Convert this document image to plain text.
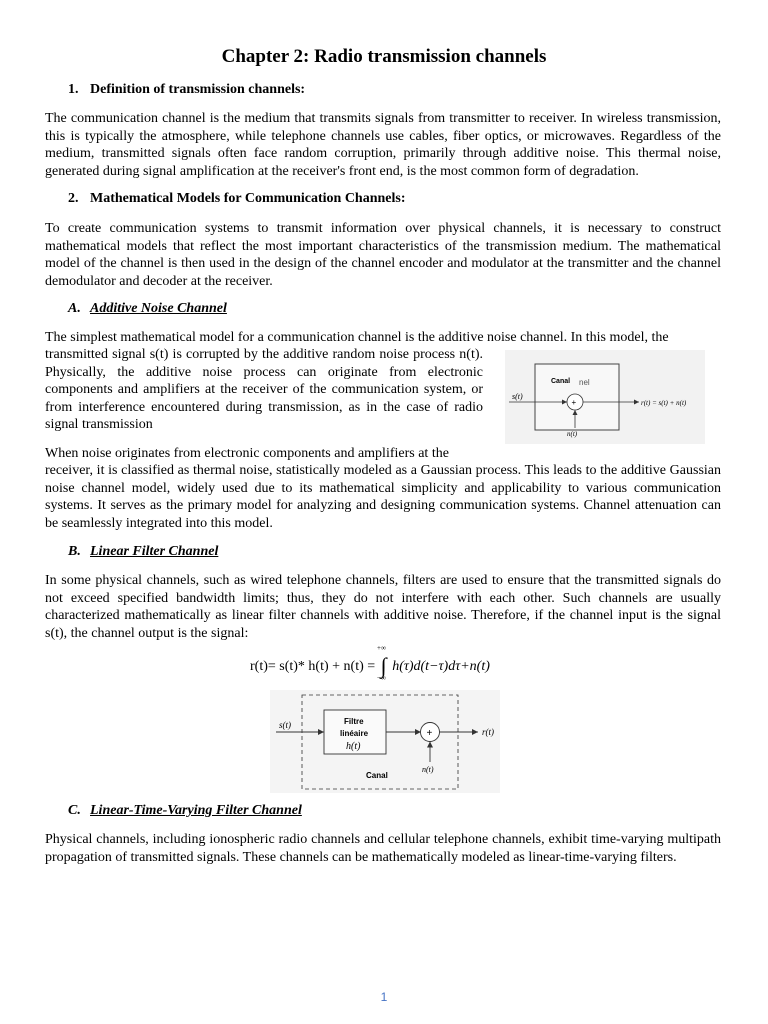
Chapter 2: Radio transmission channels

1. Definition of transmission channels:

The communication channel is the medium that transmits signals from transmitter to receiver. In wireless transmission, this is typically the atmosphere, while telephone channels use cables, fiber optics, or microwaves. Regardless of the medium, transmitted signals often face random corruption, primarily through additive noise. This thermal noise, generated during signal amplification at the receiver's front end, is the most common form of degradation.

2. Mathematical Models for Communication Channels:

To create communication systems to transmit information over physical channels, it is necessary to construct mathematical models that reflect the most important characteristics of the transmission medium. The mathematical model of the channel is then used in the design of the channel encoder and modulator at the transmitter and the channel demodulator and decoder at the receiver.

A. Additive Noise Channel

The simplest mathematical model for a communication channel is the additive noise channel. In this model, the

transmitted signal s(t) is corrupted by the additive random noise process n(t). Physically, the additive noise process can originate from electronic components and amplifiers at the receiver of the communication system, or from interference encountered during transmission, as in the case of radio signal transmission

Canal nel
s(t)
+	r(t) = s(t) + n(t)
n(t)

When noise originates from electronic components and amplifiers at the

receiver, it is classified as thermal noise, statistically modeled as a Gaussian process. This leads to the additive Gaussian noise channel model, widely used due to its mathematical simplicity and applicability to various communication systems. It serves as the primary model for analyzing and designing communication systems. Channel attenuation can be seamlessly integrated into this model.

B. Linear Filter Channel

In some physical channels, such as wired telephone channels, filters are used to ensure that the transmitted signals do not exceed specified bandwidth limits; thus, they do not interfere with each other. Such channels are usually characterized mathematically as linear filter channels with additive noise. Therefore, if the channel input is the signal s(t), the channel output is the signal:

r(t)= s(t)* h(t) + n(t) = ∫
+∞
−∞
h(τ)d(t−τ)dτ+n(t)
Filtre
linéaire
h(t)
s(t)
+	r(t)
n(t)
Canal

C. Linear-Time-Varying Filter Channel

Physical channels, including ionospheric radio channels and cellular telephone channels, exhibit time-varying multipath propagation of transmitted signals. These channels can be mathematically modeled as linear-time-varying filters.

1
